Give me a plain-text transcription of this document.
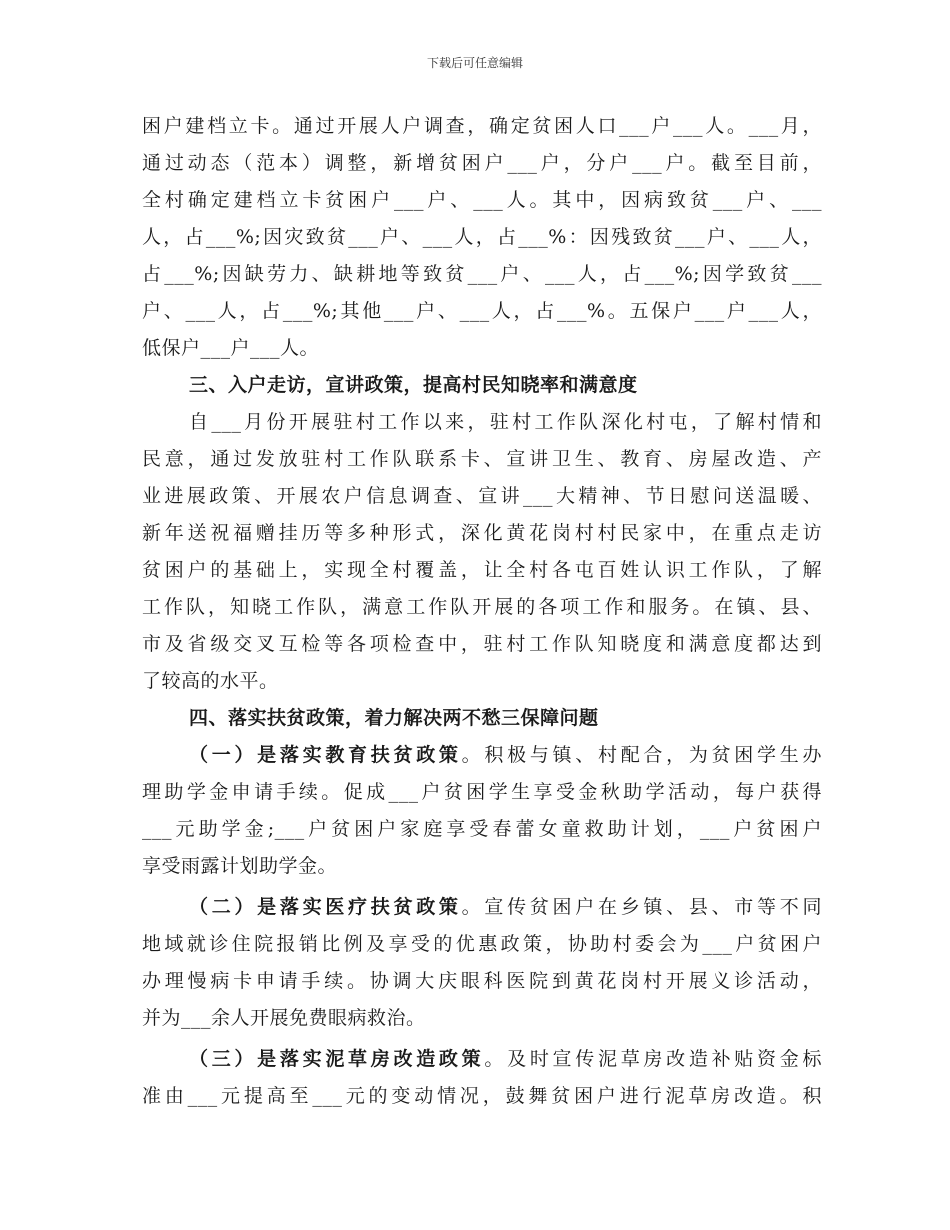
下载后可任意编辑
困户建档立卡。通过开展人户调查，确定贫困人口___户___人。___月，
通过动态（范本）调整，新增贫困户___户，分户___户。截至目前，
全村确定建档立卡贫困户___户、___人。其中，因病致贫___户、___
人，占___%;因灾致贫___户、___人，占___%：因残致贫___户、___人，
占___%;因缺劳力、缺耕地等致贫___户、___人，占___%;因学致贫___
户、___人，占___%;其他___户、___人，占___%。五保户___户___人，
低保户___户___人。
三、入户走访，宣讲政策，提高村民知晓率和满意度
自___月份开展驻村工作以来，驻村工作队深化村屯，了解村情和
民意，通过发放驻村工作队联系卡、宣讲卫生、教育、房屋改造、产
业进展政策、开展农户信息调查、宣讲___大精神、节日慰问送温暖、
新年送祝福赠挂历等多种形式，深化黄花岗村村民家中，在重点走访
贫困户的基础上，实现全村覆盖，让全村各屯百姓认识工作队，了解
工作队，知晓工作队，满意工作队开展的各项工作和服务。在镇、县、
市及省级交叉互检等各项检查中，驻村工作队知晓度和满意度都达到
了较高的水平。
四、落实扶贫政策，着力解决两不愁三保障问题
（一）是落实教育扶贫政策。积极与镇、村配合，为贫困学生办
理助学金申请手续。促成___户贫困学生享受金秋助学活动，每户获得
___元助学金;___户贫困户家庭享受春蕾女童救助计划，___户贫困户
享受雨露计划助学金。
（二）是落实医疗扶贫政策。宣传贫困户在乡镇、县、市等不同
地域就诊住院报销比例及享受的优惠政策，协助村委会为___户贫困户
办理慢病卡申请手续。协调大庆眼科医院到黄花岗村开展义诊活动，
并为___余人开展免费眼病救治。
（三）是落实泥草房改造政策。及时宣传泥草房改造补贴资金标
准由___元提高至___元的变动情况，鼓舞贫困户进行泥草房改造。积
